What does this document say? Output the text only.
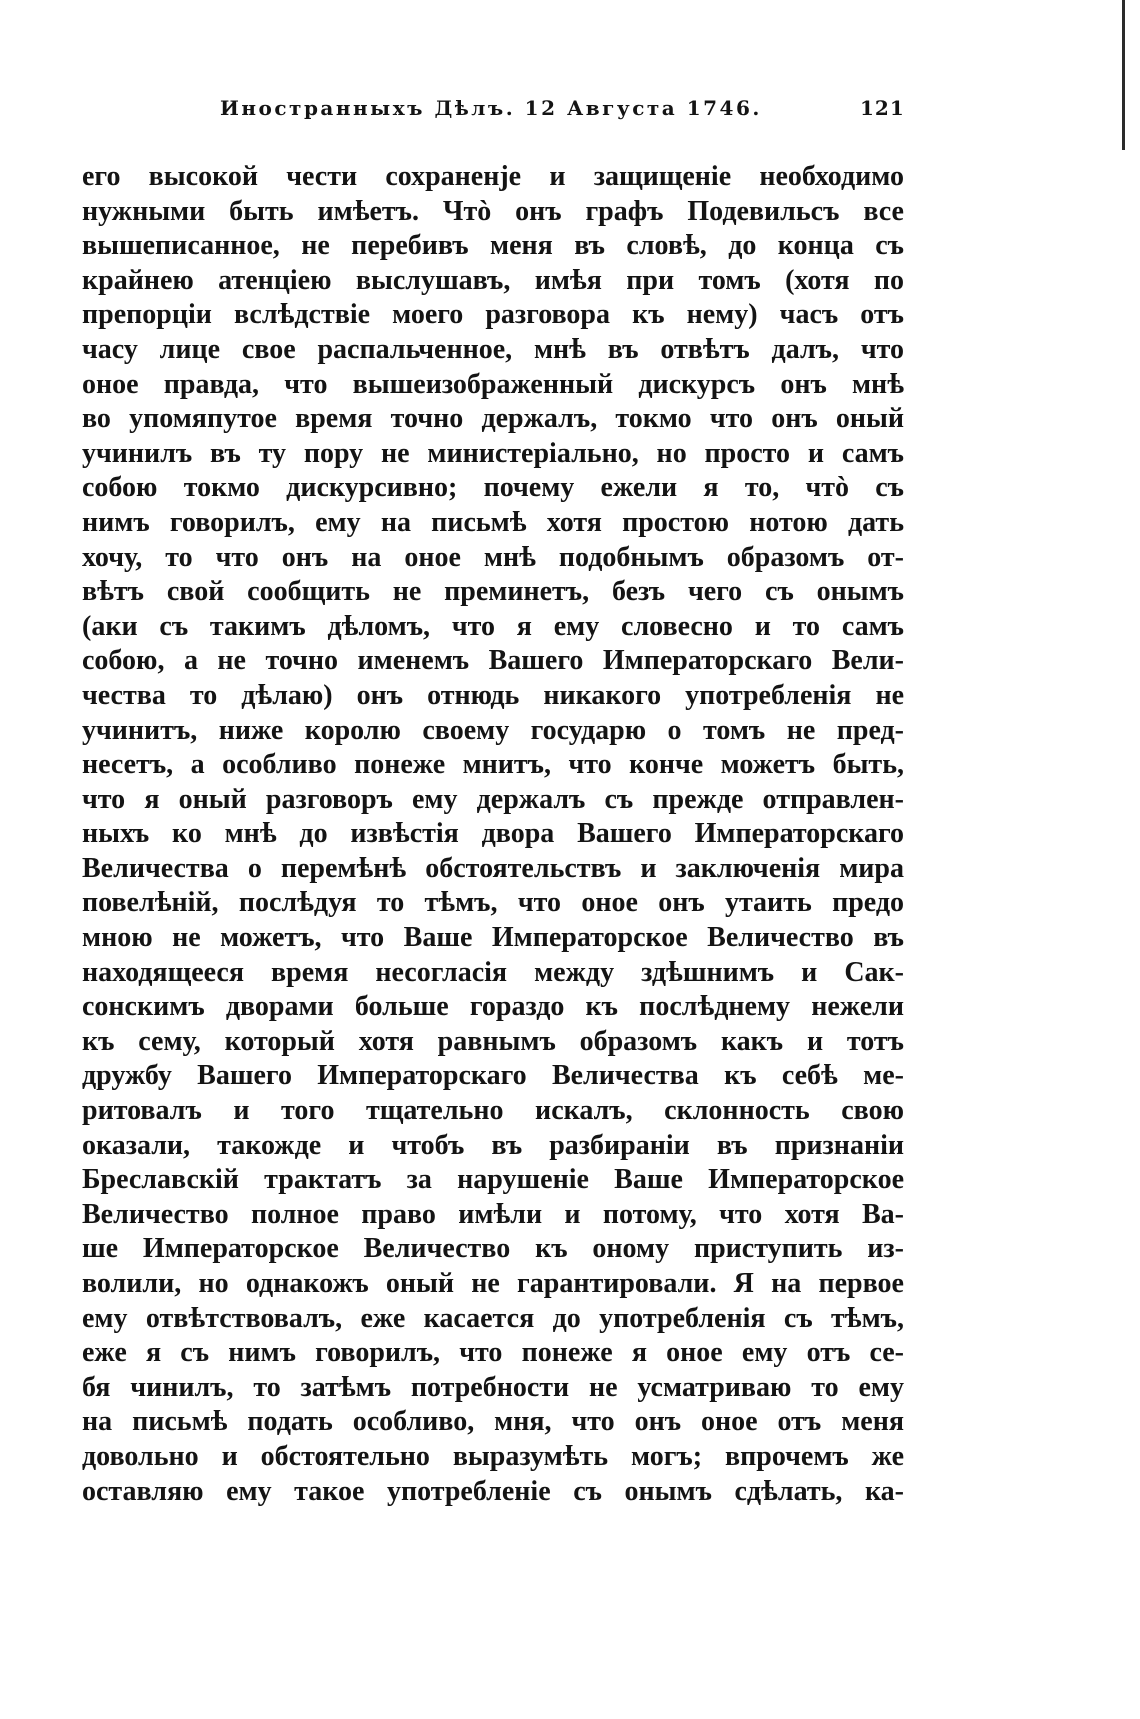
Иностранныхъ Дѣлъ. 12 Августа 1746.	121
его высокой чести сохраненје и защищеніе необходимо
нужными быть имѣетъ. Чтò онъ графъ Подевильсъ все
вышеписанное, не перебивъ меня въ словѣ, до конца съ
крайнею атенціею выслушавъ, имѣя при томъ (хотя по
препорціи вслѣдствіе моего разговора къ нему) часъ отъ
часу лице свое распальченное, мнѣ въ отвѣтъ далъ, что
оное правда, что вышеизображенный дискурсъ онъ мнѣ
во упомяпутое время точно держалъ, токмо что онъ оный
учинилъ въ ту пору не министеріально, но просто и самъ
собою токмо дискурсивно; почему ежели я то, чтò съ
нимъ говорилъ, ему на письмѣ хотя простою нотою дать
хочу, то что онъ на оное мнѣ подобнымъ образомъ от-
вѣтъ свой сообщить не преминетъ, безъ чего съ онымъ
(аки съ такимъ дѣломъ, что я ему словесно и то самъ
собою, а не точно именемъ Вашего Императорскаго Вели-
чества то дѣлаю) онъ отнюдь никакого употребленія не
учинитъ, ниже королю своему государю о томъ не пред-
несетъ, а особливо понеже мнитъ, что конче можетъ быть,
что я оный разговоръ ему держалъ съ прежде отправлен-
ныхъ ко мнѣ до извѣстія двора Вашего Императорскаго
Величества о перемѣнѣ обстоятельствъ и заключенія мира
повелѣній, послѣдуя то тѣмъ, что оное онъ утаить предо
мною не можетъ, что Ваше Императорское Величество въ
находящееся время несогласія между здѣшнимъ и Сак-
сонскимъ дворами больше гораздо къ послѣднему нежели
къ сему, который хотя равнымъ образомъ какъ и тотъ
дружбу Вашего Императорскаго Величества къ себѣ ме-
ритовалъ и того тщательно искалъ, склонность свою
оказали, такожде и чтобъ въ разбираніи въ признаніи
Бреславскій трактатъ за нарушеніе Ваше Императорское
Величество полное право имѣли и потому, что хотя Ва-
ше Императорское Величество къ оному приступить из-
волили, но однакожъ оный не гарантировали. Я на первое
ему отвѣтствовалъ, еже касается до употребленія съ тѣмъ,
еже я съ нимъ говорилъ, что понеже я оное ему отъ се-
бя чинилъ, то затѣмъ потребности не усматриваю то ему
на письмѣ подать особливо, мня, что онъ оное отъ меня
довольно и обстоятельно выразумѣть могъ; впрочемъ же
оставляю ему такое употребленіе съ онымъ сдѣлать, ка-
